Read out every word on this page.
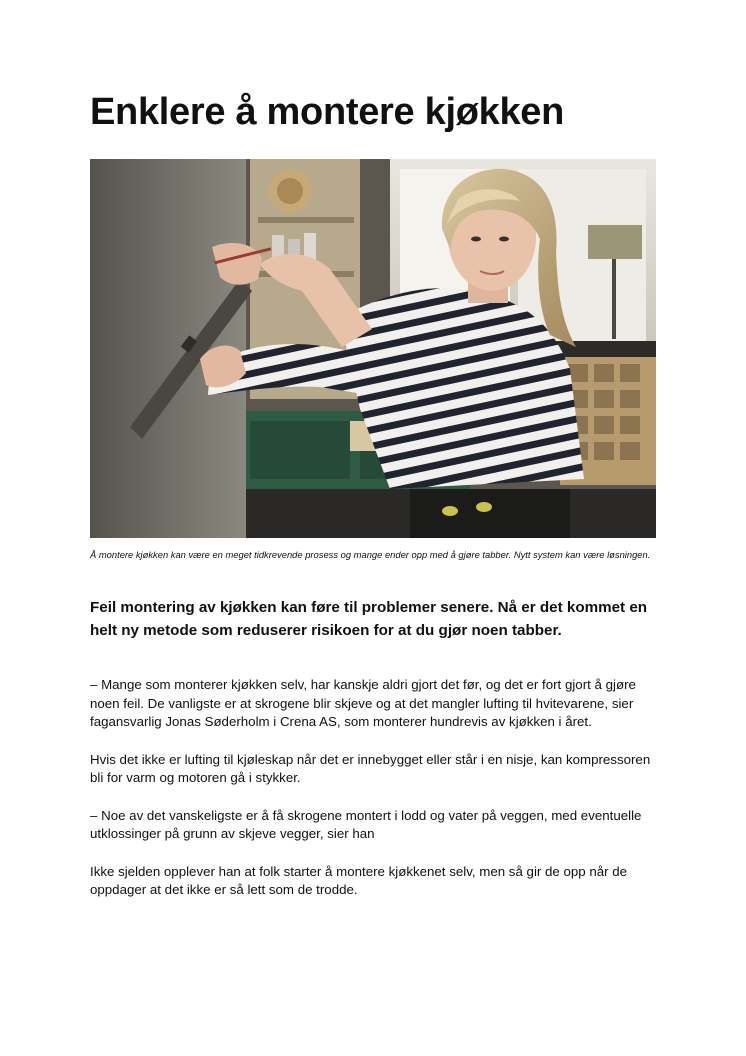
Enklere å montere kjøkken

Å montere kjøkken kan være en meget tidkrevende prosess og mange ender opp med å gjøre tabber. Nytt system kan være løsningen.

Feil montering av kjøkken kan føre til problemer senere. Nå er det kommet en helt ny metode som reduserer risikoen for at du gjør noen tabber.

– Mange som monterer kjøkken selv, har kanskje aldri gjort det før, og det er fort gjort å gjøre noen feil. De vanligste er at skrogene blir skjeve og at det mangler lufting til hvitevarene, sier fagansvarlig Jonas Søderholm i Crena AS, som monterer hundrevis av kjøkken i året.

Hvis det ikke er lufting til kjøleskap når det er innebygget eller står i en nisje, kan kompressoren bli for varm og motoren gå i stykker.

– Noe av det vanskeligste er å få skrogene montert i lodd og vater på veggen, med eventuelle utklossinger på grunn av skjeve vegger, sier han

Ikke sjelden opplever han at folk starter å montere kjøkkenet selv, men så gir de opp når de oppdager at det ikke er så lett som de trodde.
